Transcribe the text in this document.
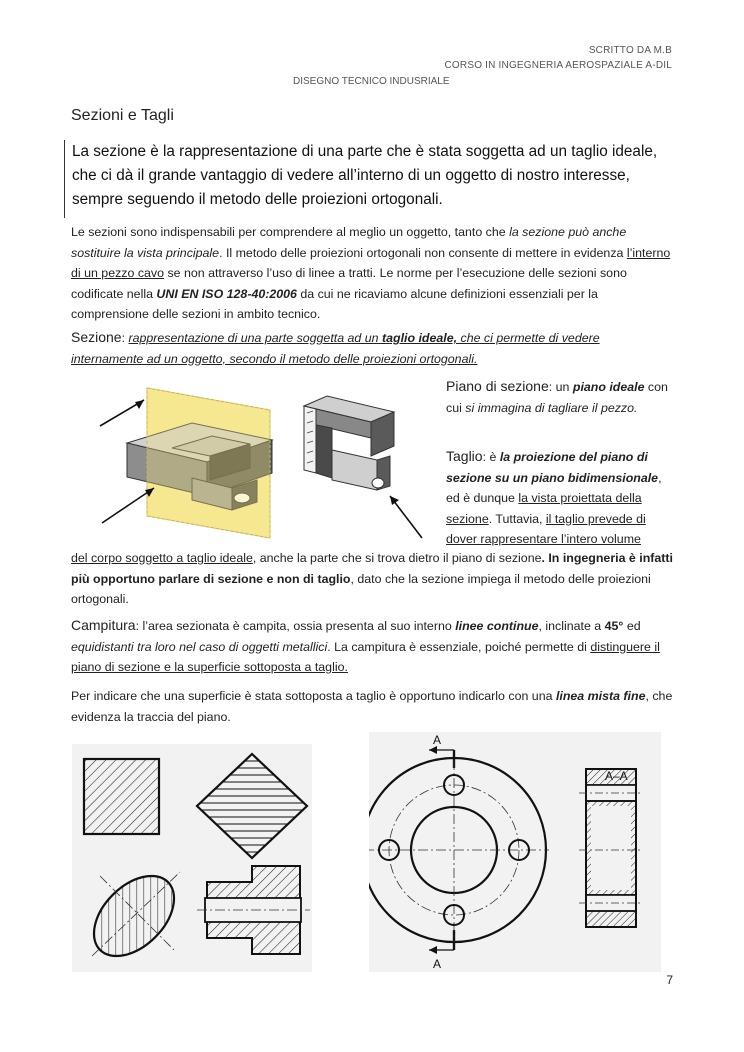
SCRITTO DA M.B
CORSO IN INGEGNERIA AEROSPAZIALE A-DIL
DISEGNO TECNICO INDUSRIALE
Sezioni e Tagli

La sezione è la rappresentazione di una parte che è stata soggetta ad un taglio ideale, che ci dà il grande vantaggio di vedere all’interno di un oggetto di nostro interesse, sempre seguendo il metodo delle proiezioni ortogonali.

Le sezioni sono indispensabili per comprendere al meglio un oggetto, tanto che la sezione può anche sostituire la vista principale. Il metodo delle proiezioni ortogonali non consente di mettere in evidenza l’interno di un pezzo cavo se non attraverso l’uso di linee a tratti. Le norme per l’esecuzione delle sezioni sono codificate nella UNI EN ISO 128-40:2006 da cui ne ricaviamo alcune definizioni essenziali per la comprensione delle sezioni in ambito tecnico.
Sezione: rappresentazione di una parte soggetta ad un taglio ideale, che ci permette di vedere internamente ad un oggetto, secondo il metodo delle proiezioni ortogonali.
Piano di sezione: un piano ideale con cui si immagina di tagliare il pezzo.
Taglio: è la proiezione del piano di sezione su un piano bidimensionale, ed è dunque la vista proiettata della sezione. Tuttavia, il taglio prevede di dover rappresentare l’intero volume
del corpo soggetto a taglio ideale, anche la parte che si trova dietro il piano di sezione. In ingegneria è infatti più opportuno parlare di sezione e non di taglio, dato che la sezione impiega il metodo delle proiezioni ortogonali.
Campitura: l’area sezionata è campita, ossia presenta al suo interno linee continue, inclinate a 45° ed equidistanti tra loro nel caso di oggetti metallici. La campitura è essenziale, poiché permette di distinguere il piano di sezione e la superficie sottoposta a taglio.
Per indicare che una superficie è stata sottoposta a taglio è opportuno indicarlo con una linea mista fine, che evidenza la traccia del piano.
A
A
7
